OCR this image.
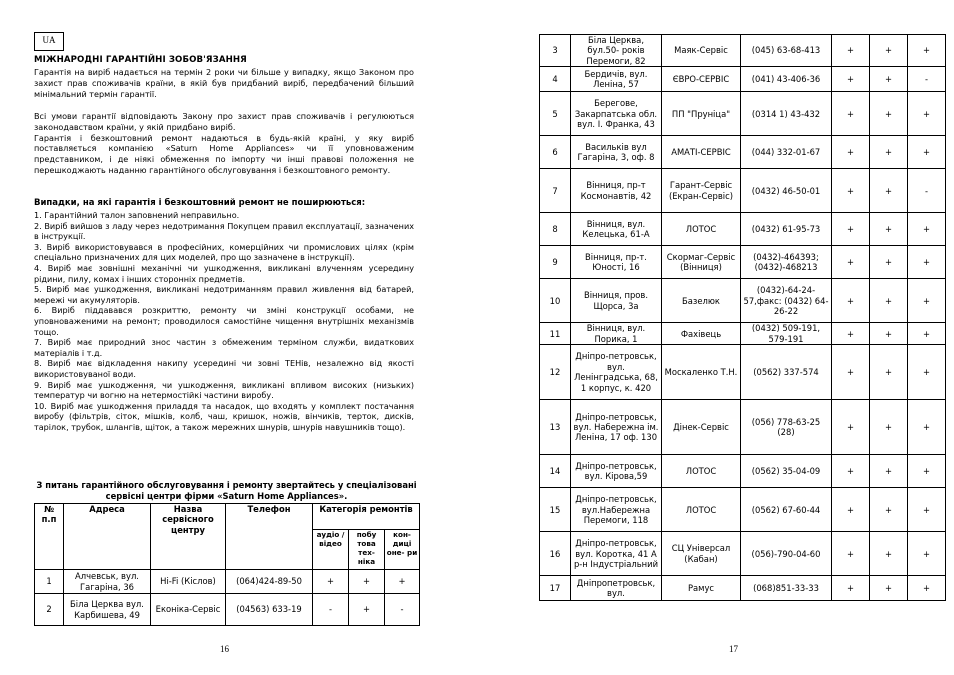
UA
МІЖНАРОДНІ ГАРАНТІЙНІ ЗОБОВ'ЯЗАННЯ

Гарантія на виріб надається на термін 2 роки чи більше у випадку, якщо Законом про захист прав споживачів країни, в якій був придбаний виріб, передбачений більший мінімальний термін гарантії.

Всі умови гарантії відповідають Закону про захист прав споживачів і регулюються законодавством країни, у якій придбано виріб.

Гарантія і безкоштовний ремонт надаються в будь-якій країні, у яку виріб поставляється компанією «Saturn Home Appliances» чи її уповноваженим представником, і де ніякі обмеження по імпорту чи інші правові положення не перешкоджають наданню гарантійного обслуговування і безкоштовного ремонту.

Випадки, на які гарантія і безкоштовний ремонт не поширюються:
1. Гарантійний талон заповнений неправильно.
2. Виріб вийшов з ладу через недотримання Покупцем правил експлуатації, зазначених в інструкції.
3. Виріб використовувався в професійних, комерційних чи промислових цілях (крім спеціально призначених для цих моделей, про що зазначене в інструкції).
4. Виріб має зовнішні механічні чи ушкодження, викликані влученням усередину рідини, пилу, комах і інших сторонніх предметів.
5. Виріб має ушкодження, викликані недотриманням правил живлення від батарей, мережі чи акумуляторів.
6. Виріб піддавався розкриттю, ремонту чи зміні конструкції особами, не уповноваженими на ремонт; проводилося самостійне чищення внутрішніх механізмів тощо.
7. Виріб має природний знос частин з обмеженим терміном служби, видаткових матеріалів і т.д.
8. Виріб має відкладення накипу усередині чи зовні ТЕНів, незалежно від якості використовуваної води.
9. Виріб має ушкодження, чи ушкодження, викликані впливом високих (низьких) температур чи вогню на нетермостійкі частини виробу.
10. Виріб має ушкодження приладдя та насадок, що входять у комплект постачання виробу (фільтрів, сіток, мішків, колб, чаш, кришок, ножів, вінчиків, терток, дисків, тарілок, трубок, шлангів, щіток, а також мережних шнурів, шнурів навушників тощо).
З питань гарантійного обслуговування і ремонту звертайтесь у спеціалізовані сервісні центри фірми «Saturn Home Appliances».
№ п.п	Адреса	Назва сервісного центру	Телефон	Категорія ремонтів		
				аудіо / відео	побу това тех- ніка	кон- диці оне- ри
1	Алчевськ, вул. Гагаріна, 36	Hi-Fi (Кіслов)	(064)424-89-50	+	+	+
2	Біла Церква вул. Карбишева, 49	Еконіка-Сервіс	(04563) 633-19	-	+	-
16
3	Біла Церква, бул.50- років Перемоги, 82	Маяк-Сервіс	(045) 63-68-413	+	+	+
4	Бердичів, вул. Леніна, 57	ЄВРО-СЕРВІС	(041) 43-406-36	+	+	-
5	Берегове, Закарпатська обл. вул. І. Франка, 43	ПП "Пруніца"	(0314 1) 43-432	+	+	+
6	Васильків вул Гагаріна, 3, оф. 8	АМАТІ-СЕРВІС	(044) 332-01-67	+	+	+
7	Вінниця, пр-т Космонавтів, 42	Гарант-Сервіс (Екран-Сервіс)	(0432) 46-50-01	+	+	-
8	Вінниця, вул. Келецька, 61-А	ЛОТОС	(0432) 61-95-73	+	+	+
9	Вінниця, пр-т. Юності, 16	Скормаг-Сервіс (Вінниця)	(0432)-464393; (0432)-468213	+	+	+
10	Вінниця, пров. Щорса, 3а	Базелюк	(0432)-64-24-57,факс: (0432) 64-26-22	+	+	+
11	Вінниця, вул. Порика, 1	Фахівець	(0432) 509-191, 579-191	+	+	+
12	Дніпро-петровськ, вул. Ленінградська, 68, 1 корпус, к. 420	Москаленко Т.Н.	(0562) 337-574	+	+	+
13	Дніпро-петровськ, вул. Набережна ім. Леніна, 17 оф. 130	Дінек-Сервіс	(056) 778-63-25 (28)	+	+	+
14	Дніпро-петровськ, вул. Кірова,59	ЛОТОС	(0562) 35-04-09	+	+	+
15	Дніпро-петровськ, вул.Набережна Перемоги, 118	ЛОТОС	(0562) 67-60-44	+	+	+
16	Дніпро-петровськ, вул. Коротка, 41 А р-н Індустріальний	СЦ Універсал (Кабан)	(056)-790-04-60	+	+	+
17	Дніпропетровськ, вул.	Рамус	(068)851-33-33	+	+	+
17
